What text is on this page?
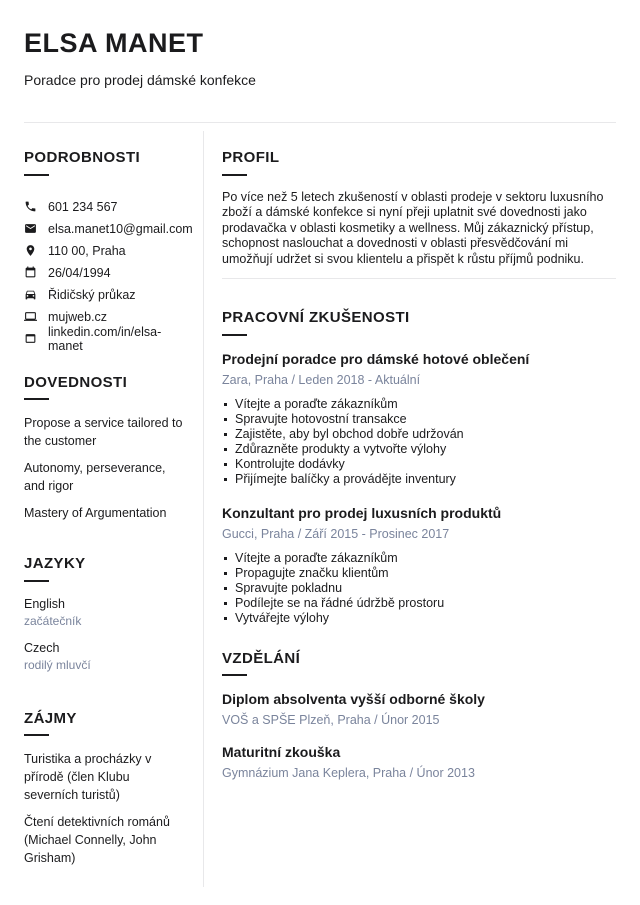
ELSA MANET
Poradce pro prodej dámské konfekce
PODROBNOSTI
601 234 567
elsa.manet10@gmail.com
110 00, Praha
26/04/1994
Řidičský průkaz
mujweb.cz
linkedin.com/in/elsa-manet
DOVEDNOSTI
Propose a service tailored to the customer
Autonomy, perseverance, and rigor
Mastery of Argumentation
JAZYKY
English
začátečník
Czech
rodilý mluvčí
ZÁJMY
Turistika a procházky v přírodě (člen Klubu severních turistů)
Čtení detektivních románů (Michael Connelly, John Grisham)
PROFIL

Po více než 5 letech zkušeností v oblasti prodeje v sektoru luxusního zboží a dámské konfekce si nyní přeji uplatnit své dovednosti jako prodavačka v oblasti kosmetiky a wellness. Můj zákaznický přístup, schopnost naslouchat a dovednosti v oblasti přesvědčování mi umožňují udržet si svou klientelu a přispět k růstu příjmů podniku.

PRACOVNÍ ZKUŠENOSTI
Prodejní poradce pro dámské hotové oblečení
Zara, Praha / Leden 2018 - Aktuální
Vítejte a poraďte zákazníkům
Spravujte hotovostní transakce
Zajistěte, aby byl obchod dobře udržován
Zdůrazněte produkty a vytvořte výlohy
Kontrolujte dodávky
Přijímejte balíčky a provádějte inventury
Konzultant pro prodej luxusních produktů
Gucci, Praha / Září 2015 - Prosinec 2017
Vítejte a poraďte zákazníkům
Propagujte značku klientům
Spravujte pokladnu
Podílejte se na řádné údržbě prostoru
Vytvářejte výlohy
VZDĚLÁNÍ
Diplom absolventa vyšší odborné školy
VOŠ a SPŠE Plzeň, Praha / Únor 2015
Maturitní zkouška
Gymnázium Jana Keplera, Praha / Únor 2013
